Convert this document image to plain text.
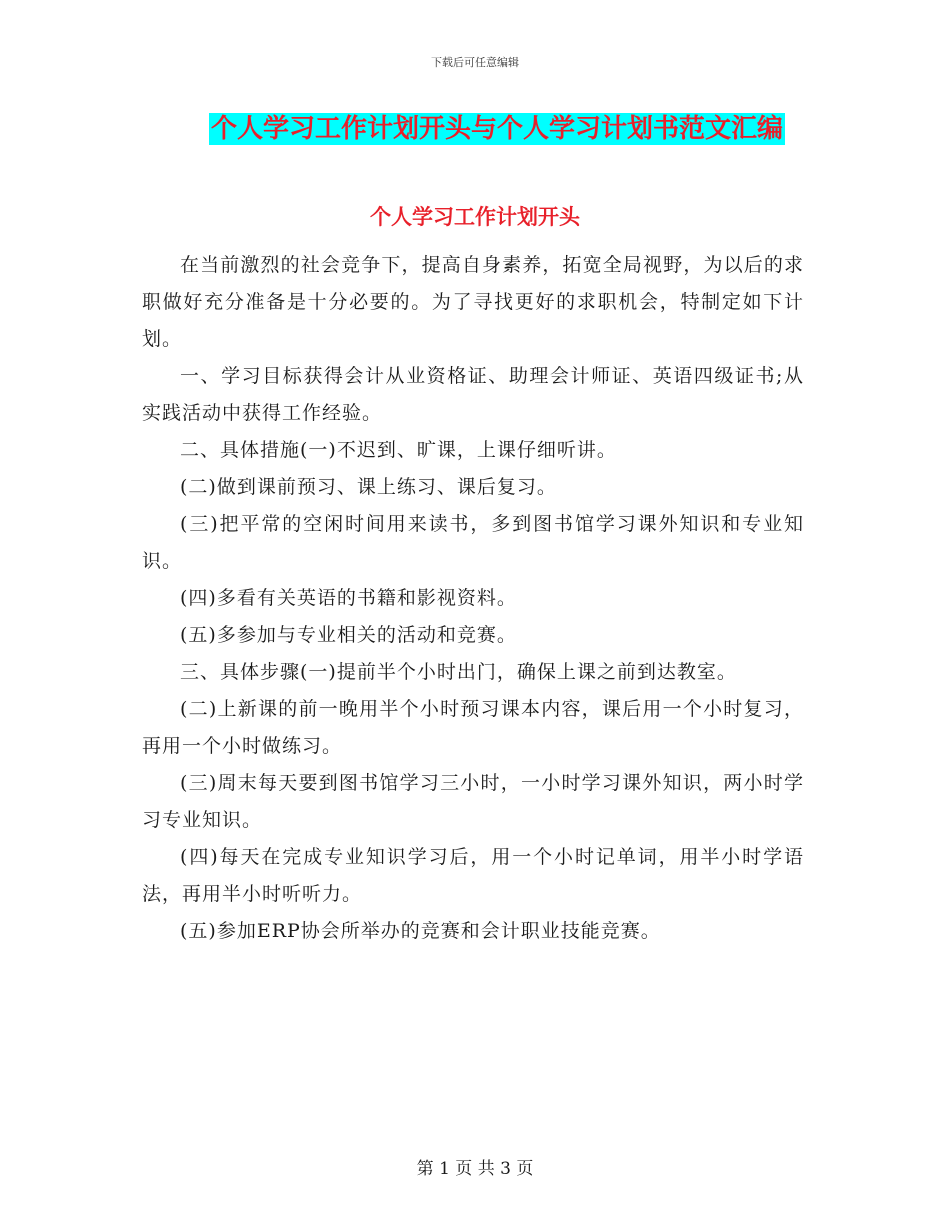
下载后可任意编辑
个人学习工作计划开头与个人学习计划书范文汇编
个人学习工作计划开头

在当前激烈的社会竞争下，提高自身素养，拓宽全局视野，为以后的求职做好充分准备是十分必要的。为了寻找更好的求职机会，特制定如下计划。

一、学习目标获得会计从业资格证、助理会计师证、英语四级证书;从实践活动中获得工作经验。

二、具体措施(一)不迟到、旷课，上课仔细听讲。

(二)做到课前预习、课上练习、课后复习。

(三)把平常的空闲时间用来读书，多到图书馆学习课外知识和专业知识。

(四)多看有关英语的书籍和影视资料。

(五)多参加与专业相关的活动和竞赛。

三、具体步骤(一)提前半个小时出门，确保上课之前到达教室。

(二)上新课的前一晚用半个小时预习课本内容，课后用一个小时复习，再用一个小时做练习。

(三)周末每天要到图书馆学习三小时，一小时学习课外知识，两小时学习专业知识。

(四)每天在完成专业知识学习后，用一个小时记单词，用半小时学语法，再用半小时听听力。

(五)参加ERP协会所举办的竞赛和会计职业技能竞赛。

第 1 页 共 3 页
